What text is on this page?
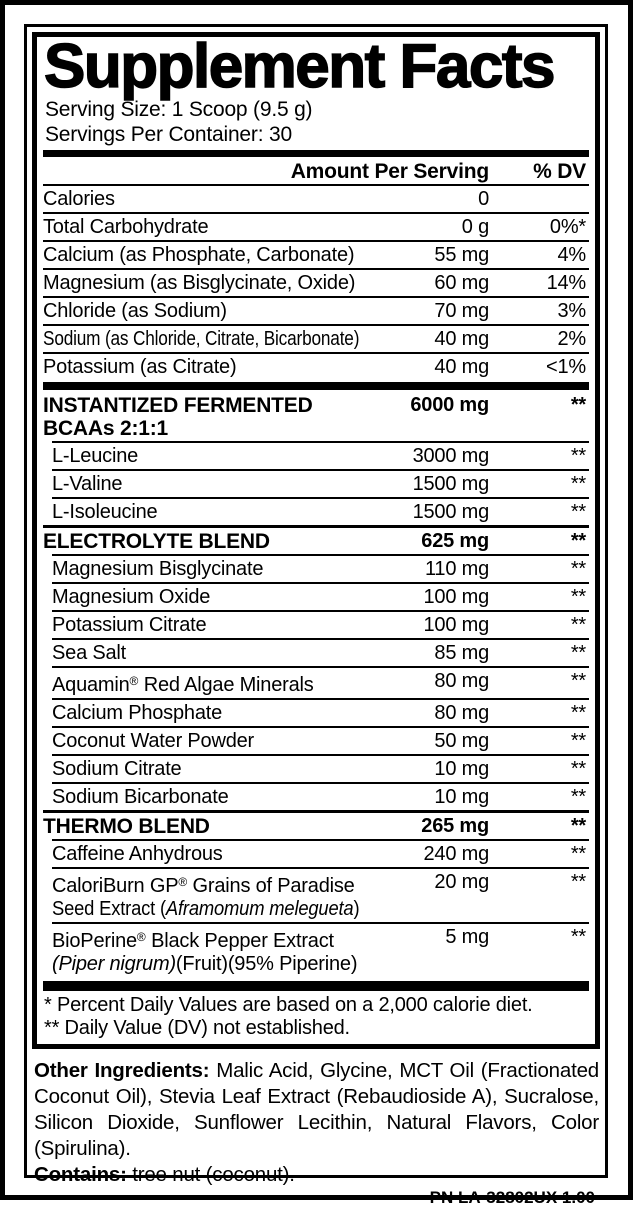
Supplement Facts
Serving Size: 1 Scoop (9.5 g)
Servings Per Container: 30
Amount Per Serving % DV
Calories	0
Total Carbohydrate	0 g	0%*
Calcium (as Phosphate, Carbonate)	55 mg	4%
Magnesium (as Bisglycinate, Oxide)	60 mg	14%
Chloride (as Sodium)	70 mg	3%
Sodium (as Chloride, Citrate, Bicarbonate)	40 mg	2%
Potassium (as Citrate)	40 mg	<1%
INSTANTIZED FERMENTED
BCAAs 2:1:1
6000 mg	**
L-Leucine	3000 mg	**
L-Valine	1500 mg	**
L-Isoleucine	1500 mg	**
ELECTROLYTE BLEND	625 mg	**
Magnesium Bisglycinate	110 mg	**
Magnesium Oxide	100 mg	**
Potassium Citrate	100 mg	**
Sea Salt	85 mg	**
Aquamin® Red Algae Minerals	80 mg	**
Calcium Phosphate	80 mg	**
Coconut Water Powder	50 mg	**
Sodium Citrate	10 mg	**
Sodium Bicarbonate	10 mg	**
THERMO BLEND	265 mg	**
Caffeine Anhydrous	240 mg	**
CaloriBurn GP® Grains of Paradise
Seed Extract (Aframomum melegueta)
20 mg	**
BioPerine® Black Pepper Extract
(Piper nigrum)(Fruit)(95% Piperine)
5 mg	**
* Percent Daily Values are based on a 2,000 calorie diet.
** Daily Value (DV) not established.

Other Ingredients: Malic Acid, Glycine, MCT Oil (Fractionated Coconut Oil), Stevia Leaf Extract (Rebaudioside A), Sucralose, Silicon Dioxide, Sunflower Lecithin, Natural Flavors, Color (Spirulina).

Contains: tree nut (coconut).

PN LA-32802UX 1.00
